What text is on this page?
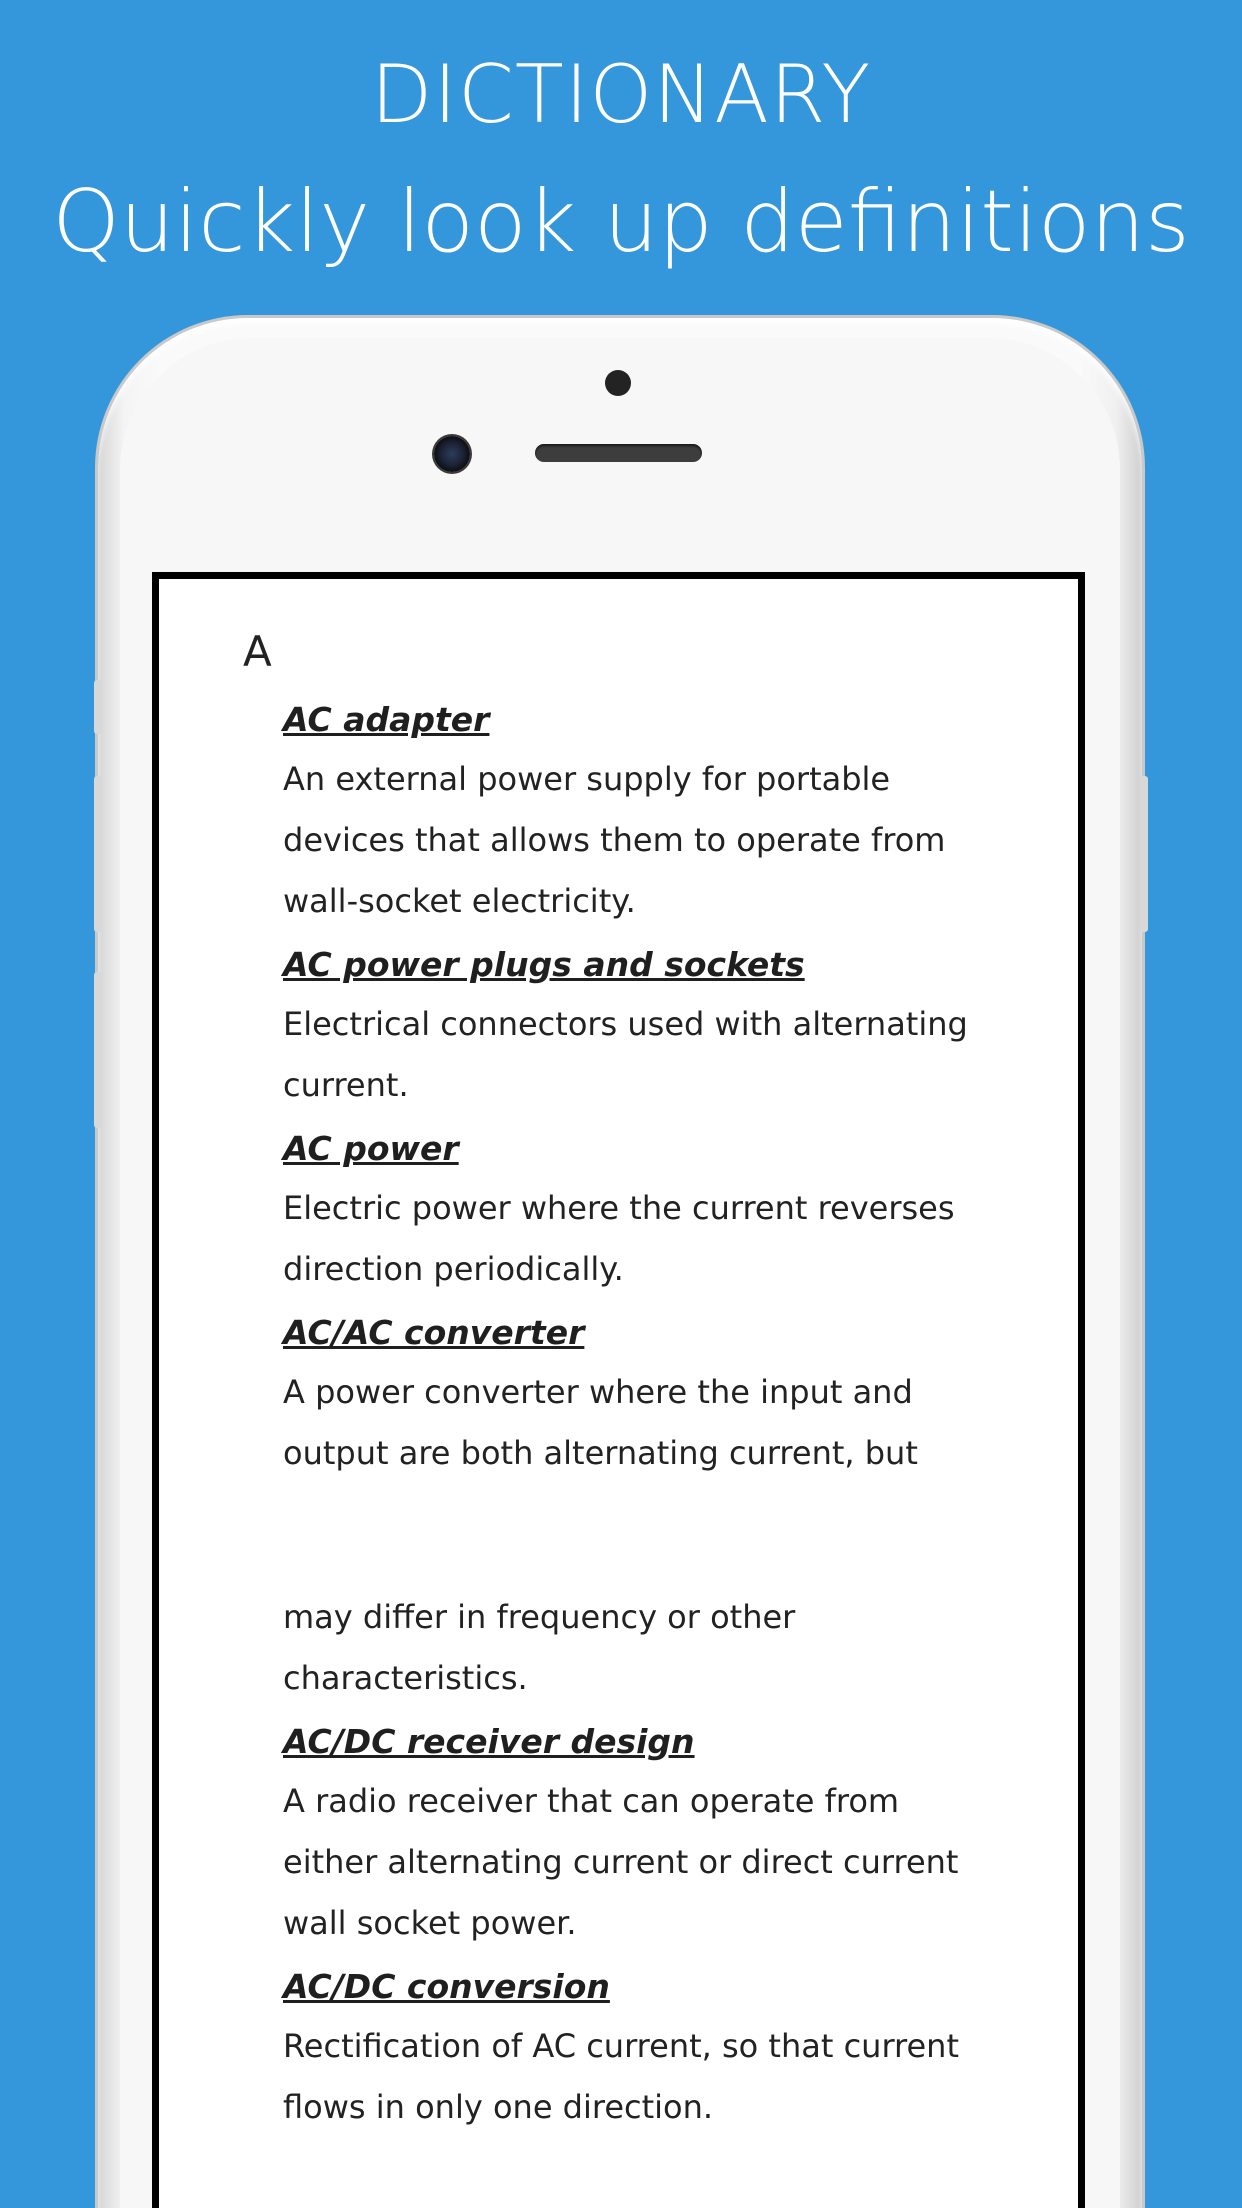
DICTIONARY
Quickly look up definitions
A
AC adapter
An external power supply for portable
devices that allows them to operate from
wall-socket electricity.
AC power plugs and sockets
Electrical connectors used with alternating
current.
AC power
Electric power where the current reverses
direction periodically.
AC/AC converter
A power converter where the input and
output are both alternating current, but
may differ in frequency or other
characteristics.
AC/DC receiver design
A radio receiver that can operate from
either alternating current or direct current
wall socket power.
AC/DC conversion
Rectification of AC current, so that current
flows in only one direction.
